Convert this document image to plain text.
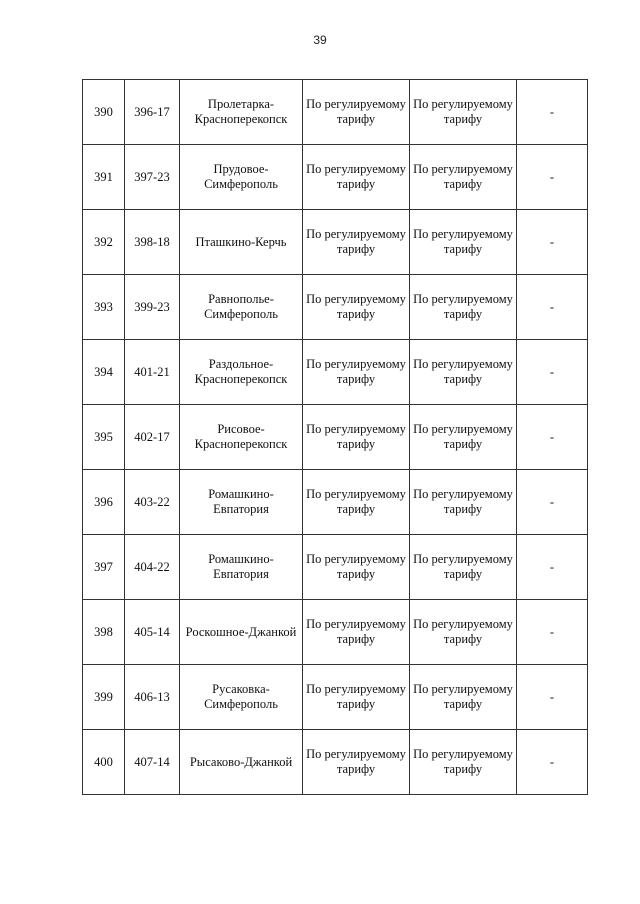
39
390	396-17	Пролетарка-Красноперекопск	По регулируемому тарифу	По регулируемому тарифу	-
391	397-23	Прудовое-Симферополь	По регулируемому тарифу	По регулируемому тарифу	-
392	398-18	Пташкино-Керчь	По регулируемому тарифу	По регулируемому тарифу	-
393	399-23	Равнополье-Симферополь	По регулируемому тарифу	По регулируемому тарифу	-
394	401-21	Раздольное-Красноперекопск	По регулируемому тарифу	По регулируемому тарифу	-
395	402-17	Рисовое-Красноперекопск	По регулируемому тарифу	По регулируемому тарифу	-
396	403-22	Ромашкино-Евпатория	По регулируемому тарифу	По регулируемому тарифу	-
397	404-22	Ромашкино-Евпатория	По регулируемому тарифу	По регулируемому тарифу	-
398	405-14	Роскошное-Джанкой	По регулируемому тарифу	По регулируемому тарифу	-
399	406-13	Русаковка-Симферополь	По регулируемому тарифу	По регулируемому тарифу	-
400	407-14	Рысаково-Джанкой	По регулируемому тарифу	По регулируемому тарифу	-
